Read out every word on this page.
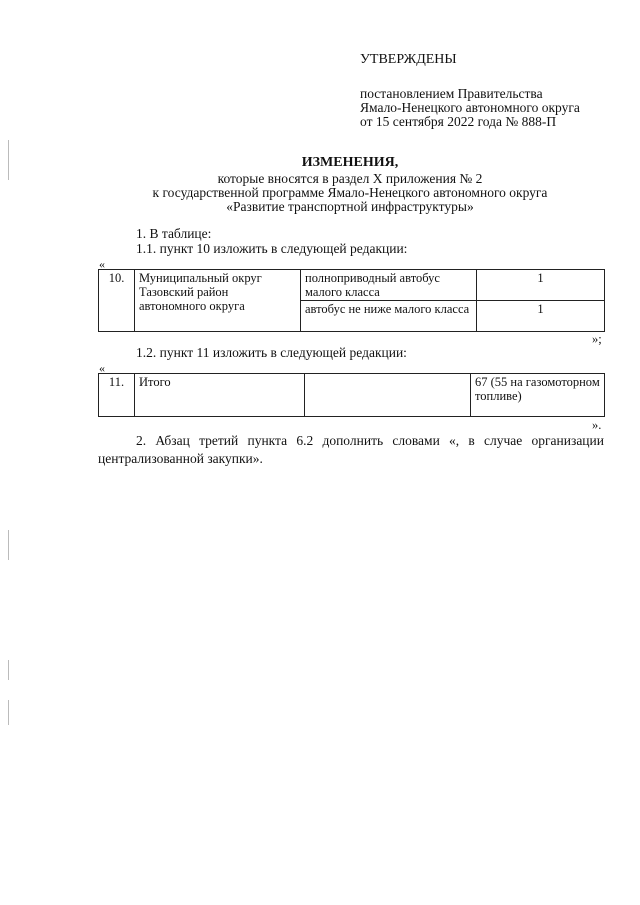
УТВЕРЖДЕНЫ
постановлением Правительства
Ямало-Ненецкого автономного округа
от 15 сентября 2022 года № 888-П
ИЗМЕНЕНИЯ,
которые вносятся в раздел X приложения № 2
к государственной программе Ямало-Ненецкого автономного округа
«Развитие транспортной инфраструктуры»
1. В таблице:
1.1. пункт 10 изложить в следующей редакции:
«
10.	Муниципальный округ Тазовский район автономного округа	полноприводный автобус малого класса	1
		автобус не ниже малого класса	1
»;
1.2. пункт 11 изложить в следующей редакции:
«
11.	Итого		67 (55 на газомоторном топливе)
».
2. Абзац третий пункта 6.2 дополнить словами «, в случае организации централизованной закупки».
